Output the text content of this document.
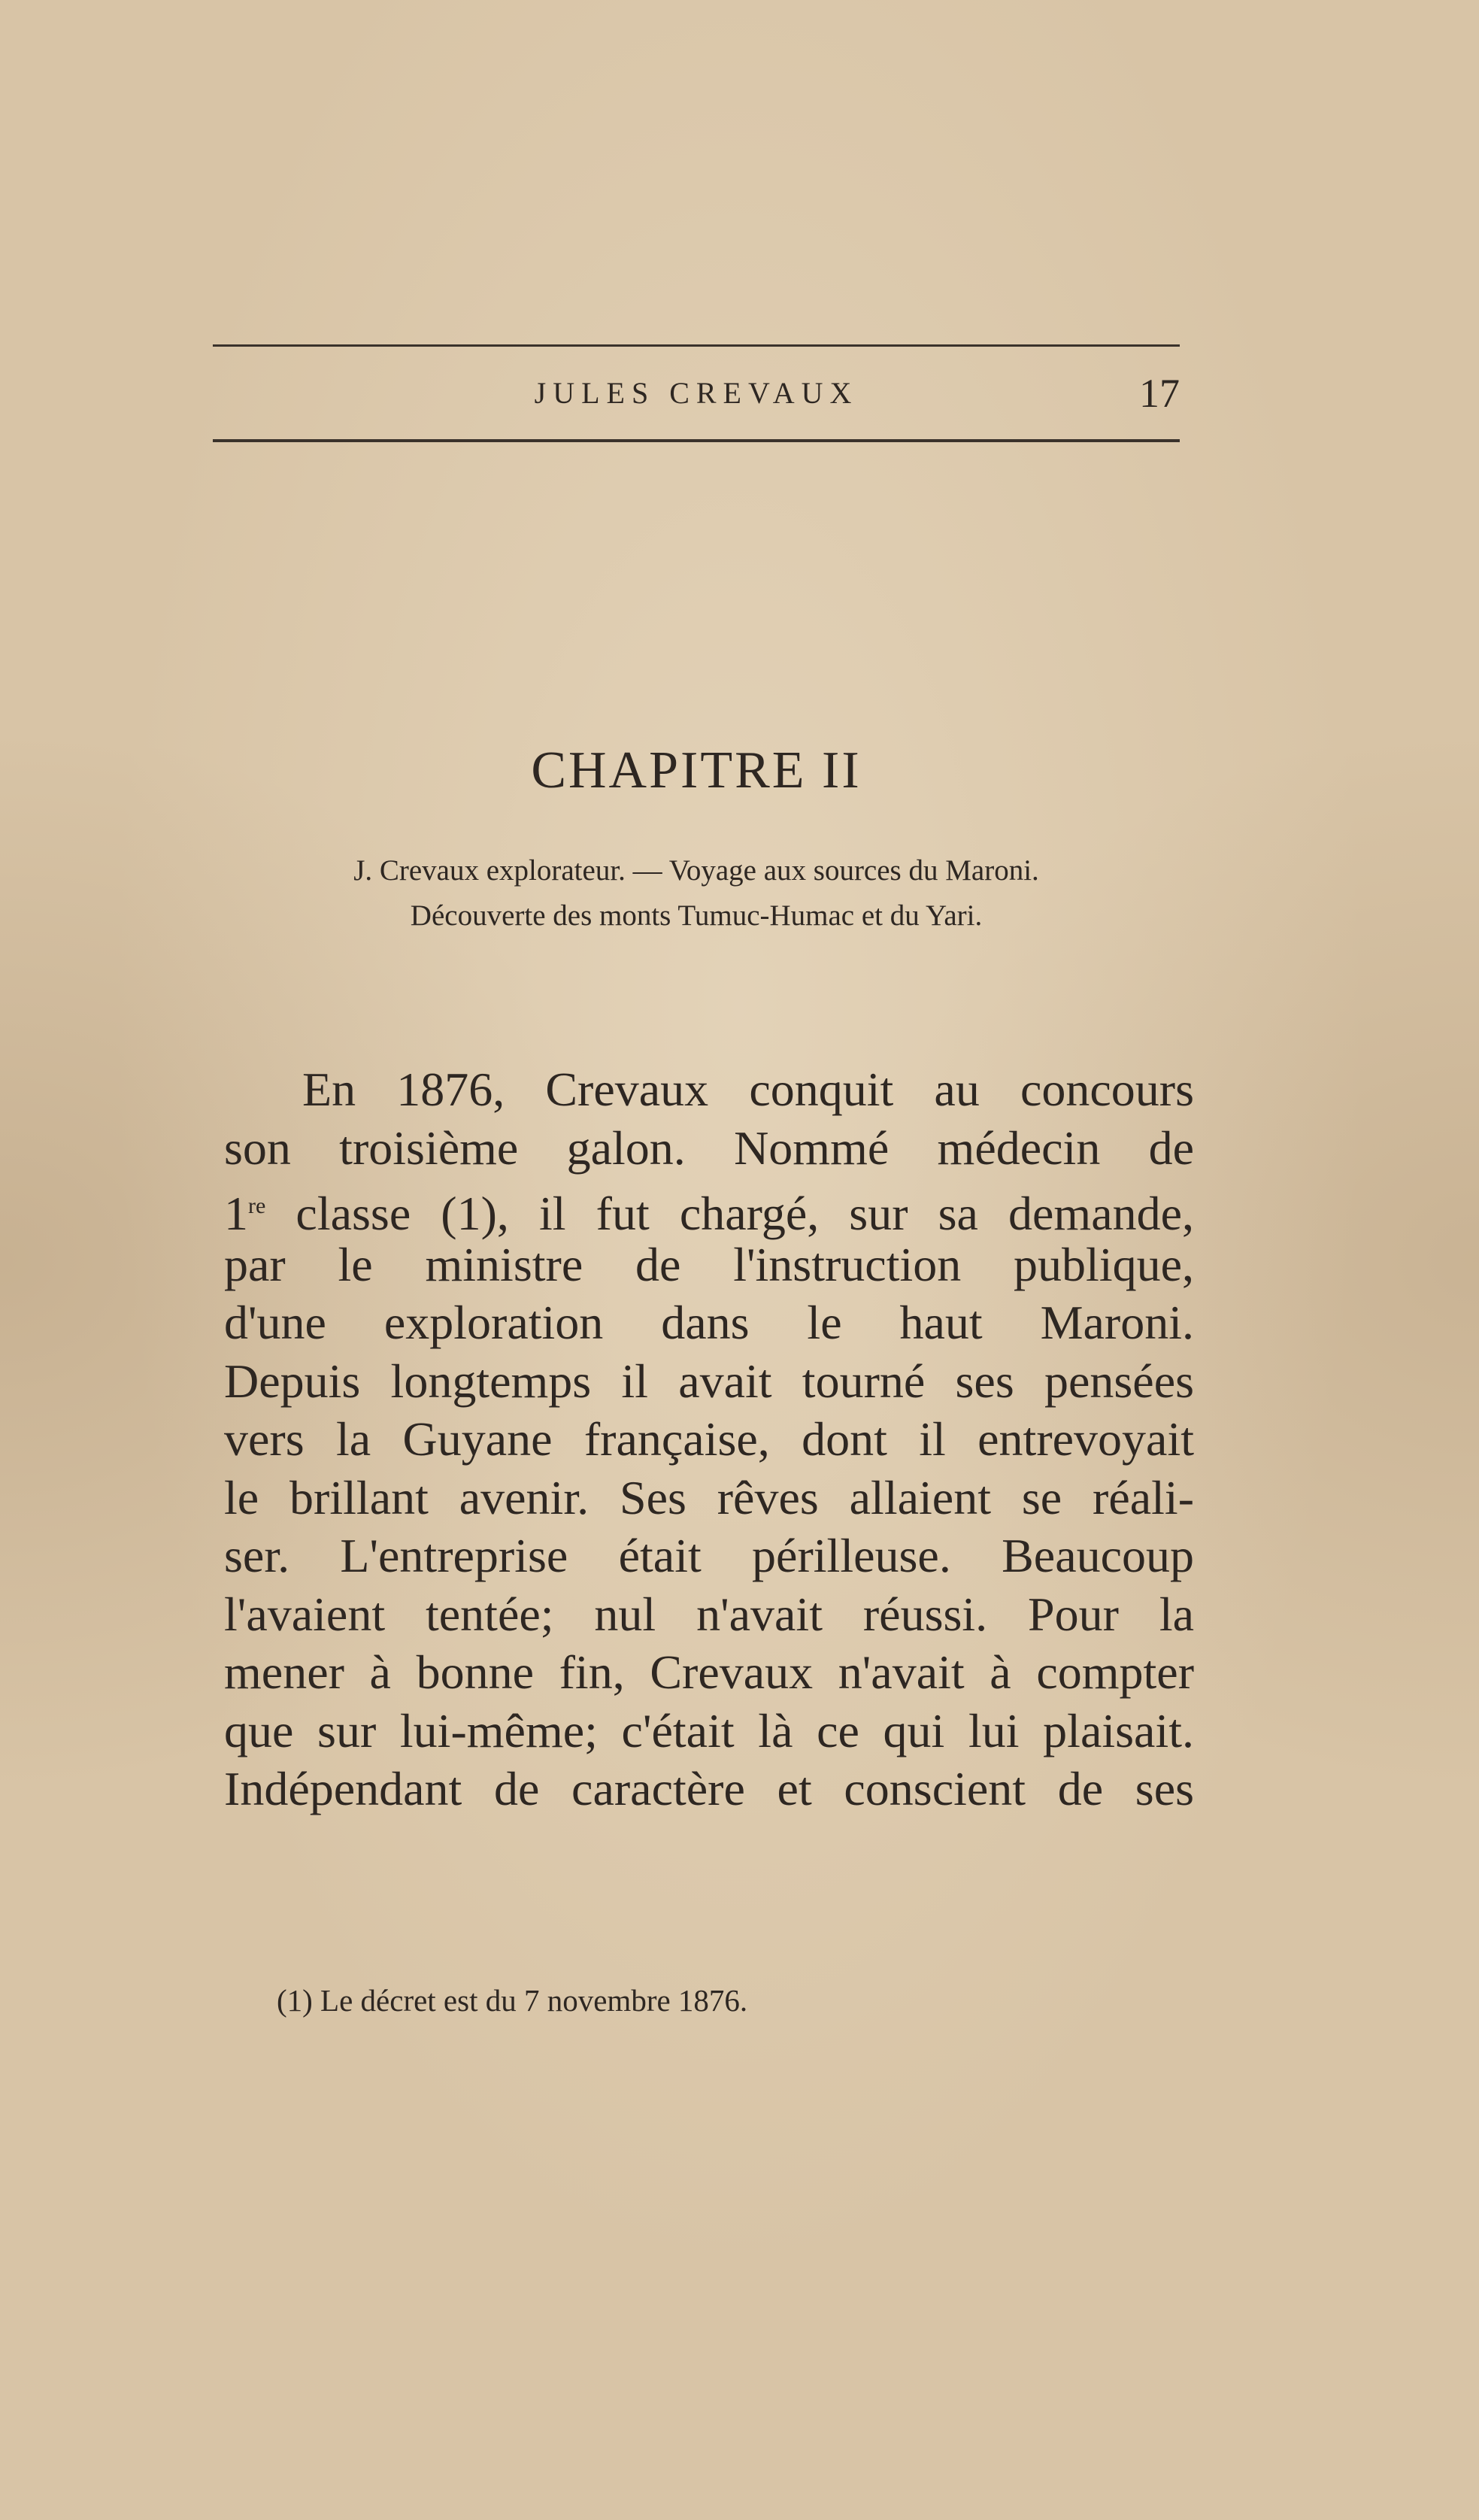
JULES CREVAUX	17
CHAPITRE II
J. Crevaux explorateur. — Voyage aux sources du Maroni.
Découverte des monts Tumuc-Humac et du Yari.
En 1876, Crevaux conquit au concours
son troisième galon. Nommé médecin de
1re classe (1), il fut chargé, sur sa demande,
par le ministre de l'instruction publique,
d'une exploration dans le haut Maroni.
Depuis longtemps il avait tourné ses pensées
vers la Guyane française, dont il entrevoyait
le brillant avenir. Ses rêves allaient se réali-
ser. L'entreprise était périlleuse. Beaucoup
l'avaient tentée; nul n'avait réussi. Pour la
mener à bonne fin, Crevaux n'avait à compter
que sur lui-même; c'était là ce qui lui plaisait.
Indépendant de caractère et conscient de ses
(1) Le décret est du 7 novembre 1876.
